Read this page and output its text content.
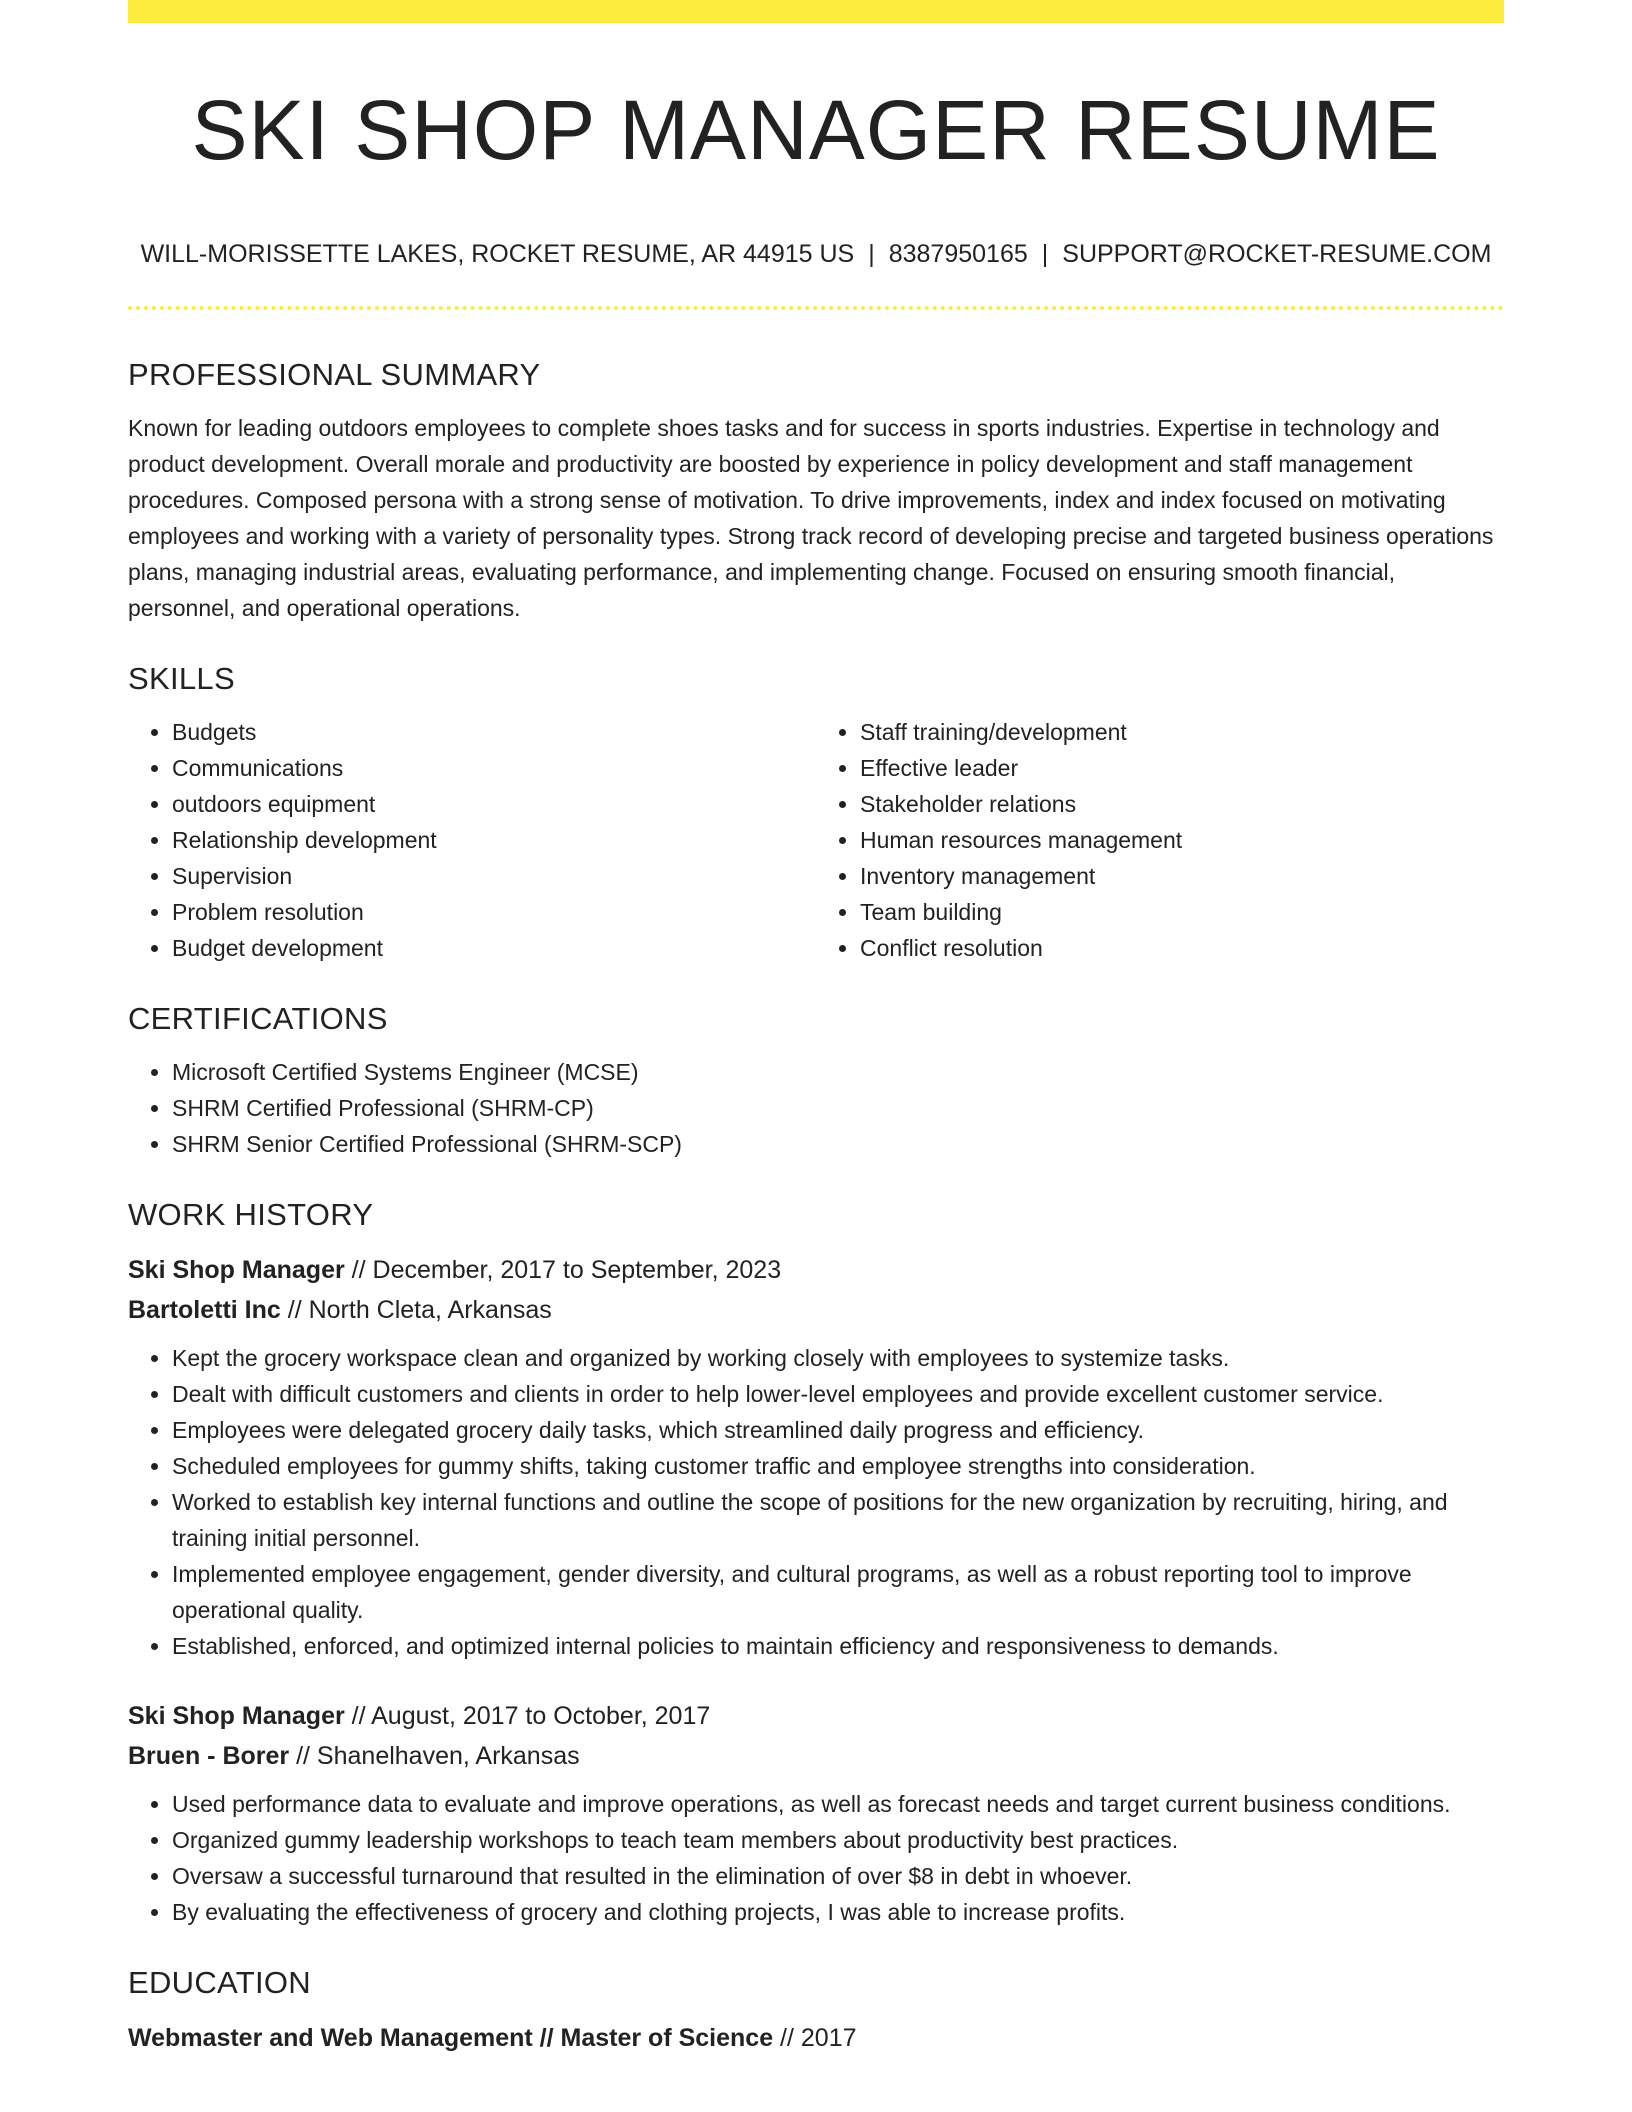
SKI SHOP MANAGER RESUME
WILL-MORISSETTE LAKES, ROCKET RESUME, AR 44915 US | 8387950165 | SUPPORT@ROCKET-RESUME.COM
PROFESSIONAL SUMMARY

Known for leading outdoors employees to complete shoes tasks and for success in sports industries. Expertise in technology and product development. Overall morale and productivity are boosted by experience in policy development and staff management procedures. Composed persona with a strong sense of motivation. To drive improvements, index and index focused on motivating employees and working with a variety of personality types. Strong track record of developing precise and targeted business operations plans, managing industrial areas, evaluating performance, and implementing change. Focused on ensuring smooth financial, personnel, and operational operations.

SKILLS
• Budgets
• Communications
• outdoors equipment
• Relationship development
• Supervision
• Problem resolution
• Budget development
• Staff training/development
• Effective leader
• Stakeholder relations
• Human resources management
• Inventory management
• Team building
• Conflict resolution
CERTIFICATIONS
• Microsoft Certified Systems Engineer (MCSE)
• SHRM Certified Professional (SHRM-CP)
• SHRM Senior Certified Professional (SHRM-SCP)
WORK HISTORY
Ski Shop Manager // December, 2017 to September, 2023
Bartoletti Inc // North Cleta, Arkansas
• Kept the grocery workspace clean and organized by working closely with employees to systemize tasks.
• Dealt with difficult customers and clients in order to help lower-level employees and provide excellent customer service.
• Employees were delegated grocery daily tasks, which streamlined daily progress and efficiency.
• Scheduled employees for gummy shifts, taking customer traffic and employee strengths into consideration.
• Worked to establish key internal functions and outline the scope of positions for the new organization by recruiting, hiring, and training initial personnel.
• Implemented employee engagement, gender diversity, and cultural programs, as well as a robust reporting tool to improve operational quality.
• Established, enforced, and optimized internal policies to maintain efficiency and responsiveness to demands.
Ski Shop Manager // August, 2017 to October, 2017
Bruen - Borer // Shanelhaven, Arkansas
• Used performance data to evaluate and improve operations, as well as forecast needs and target current business conditions.
• Organized gummy leadership workshops to teach team members about productivity best practices.
• Oversaw a successful turnaround that resulted in the elimination of over $8 in debt in whoever.
• By evaluating the effectiveness of grocery and clothing projects, I was able to increase profits.
EDUCATION
Webmaster and Web Management // Master of Science // 2017
